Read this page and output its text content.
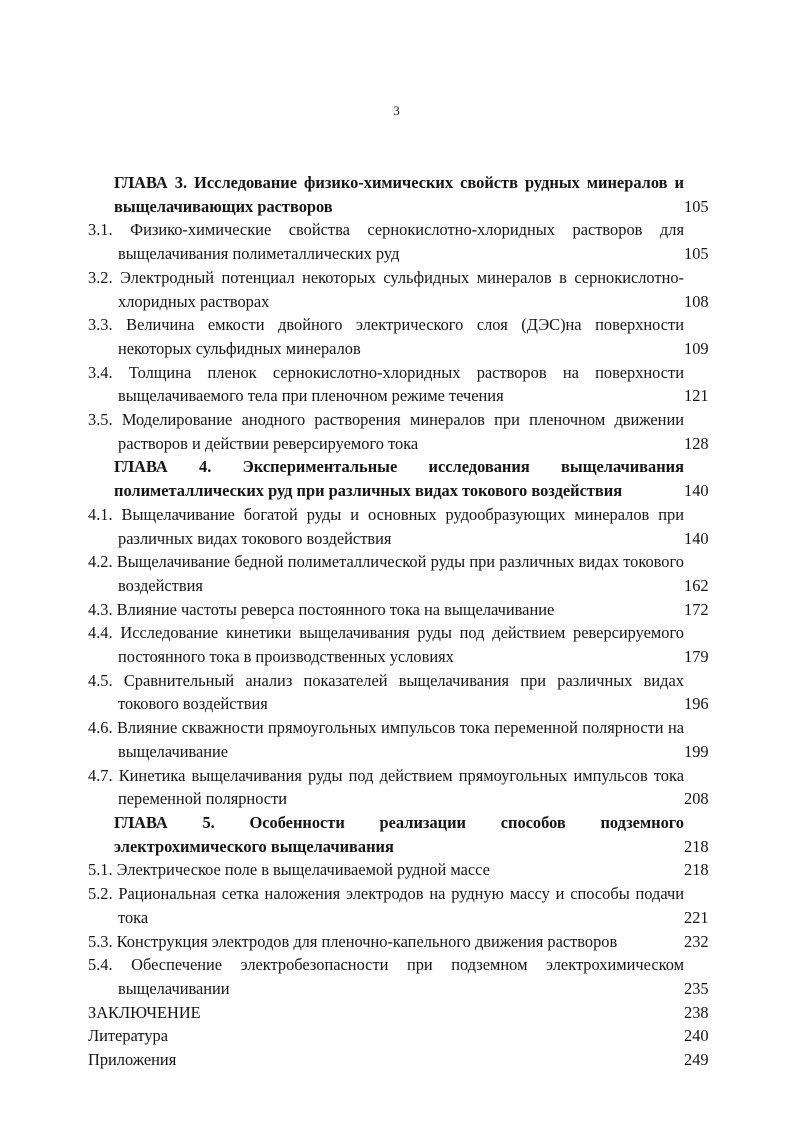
3
ГЛАВА 3. Исследование физико-химических свойств рудных минералов и выщелачивающих растворов	105
3.1. Физико-химические свойства сернокислотно-хлоридных растворов для выщелачивания полиметаллических руд	105
3.2. Электродный потенциал некоторых сульфидных минералов в сернокислотно-хлоридных растворах	108
3.3. Величина емкости двойного электрического слоя (ДЭС)на поверхности некоторых сульфидных минералов	109
3.4. Толщина пленок сернокислотно-хлоридных растворов на поверхности выщелачиваемого тела при пленочном режиме течения	121
3.5. Моделирование анодного растворения минералов при пленочном движении растворов и действии реверсируемого тока	128
ГЛАВА 4. Экспериментальные исследования выщелачивания полиметаллических руд при различных видах токового воздействия	140
4.1. Выщелачивание богатой руды и основных рудообразующих минералов при различных видах токового воздействия	140
4.2. Выщелачивание бедной полиметаллической руды при различных видах токового воздействия	162
4.3. Влияние частоты реверса постоянного тока на выщелачивание	172
4.4. Исследование кинетики выщелачивания руды под действием реверсируемого постоянного тока в производственных условиях	179
4.5. Сравнительный анализ показателей выщелачивания при различных видах токового воздействия	196
4.6. Влияние скважности прямоугольных импульсов тока переменной полярности на выщелачивание	199
4.7. Кинетика выщелачивания руды под действием прямоугольных импульсов тока переменной полярности	208
ГЛАВА 5. Особенности реализации способов подземного электрохимического выщелачивания	218
5.1. Электрическое поле в выщелачиваемой рудной массе	218
5.2. Рациональная сетка наложения электродов на рудную массу и способы подачи тока	221
5.3. Конструкция электродов для пленочно-капельного движения растворов	232
5.4. Обеспечение электробезопасности при подземном электрохимическом выщелачивании	235
ЗАКЛЮЧЕНИЕ	238
Литература	240
Приложения	249
